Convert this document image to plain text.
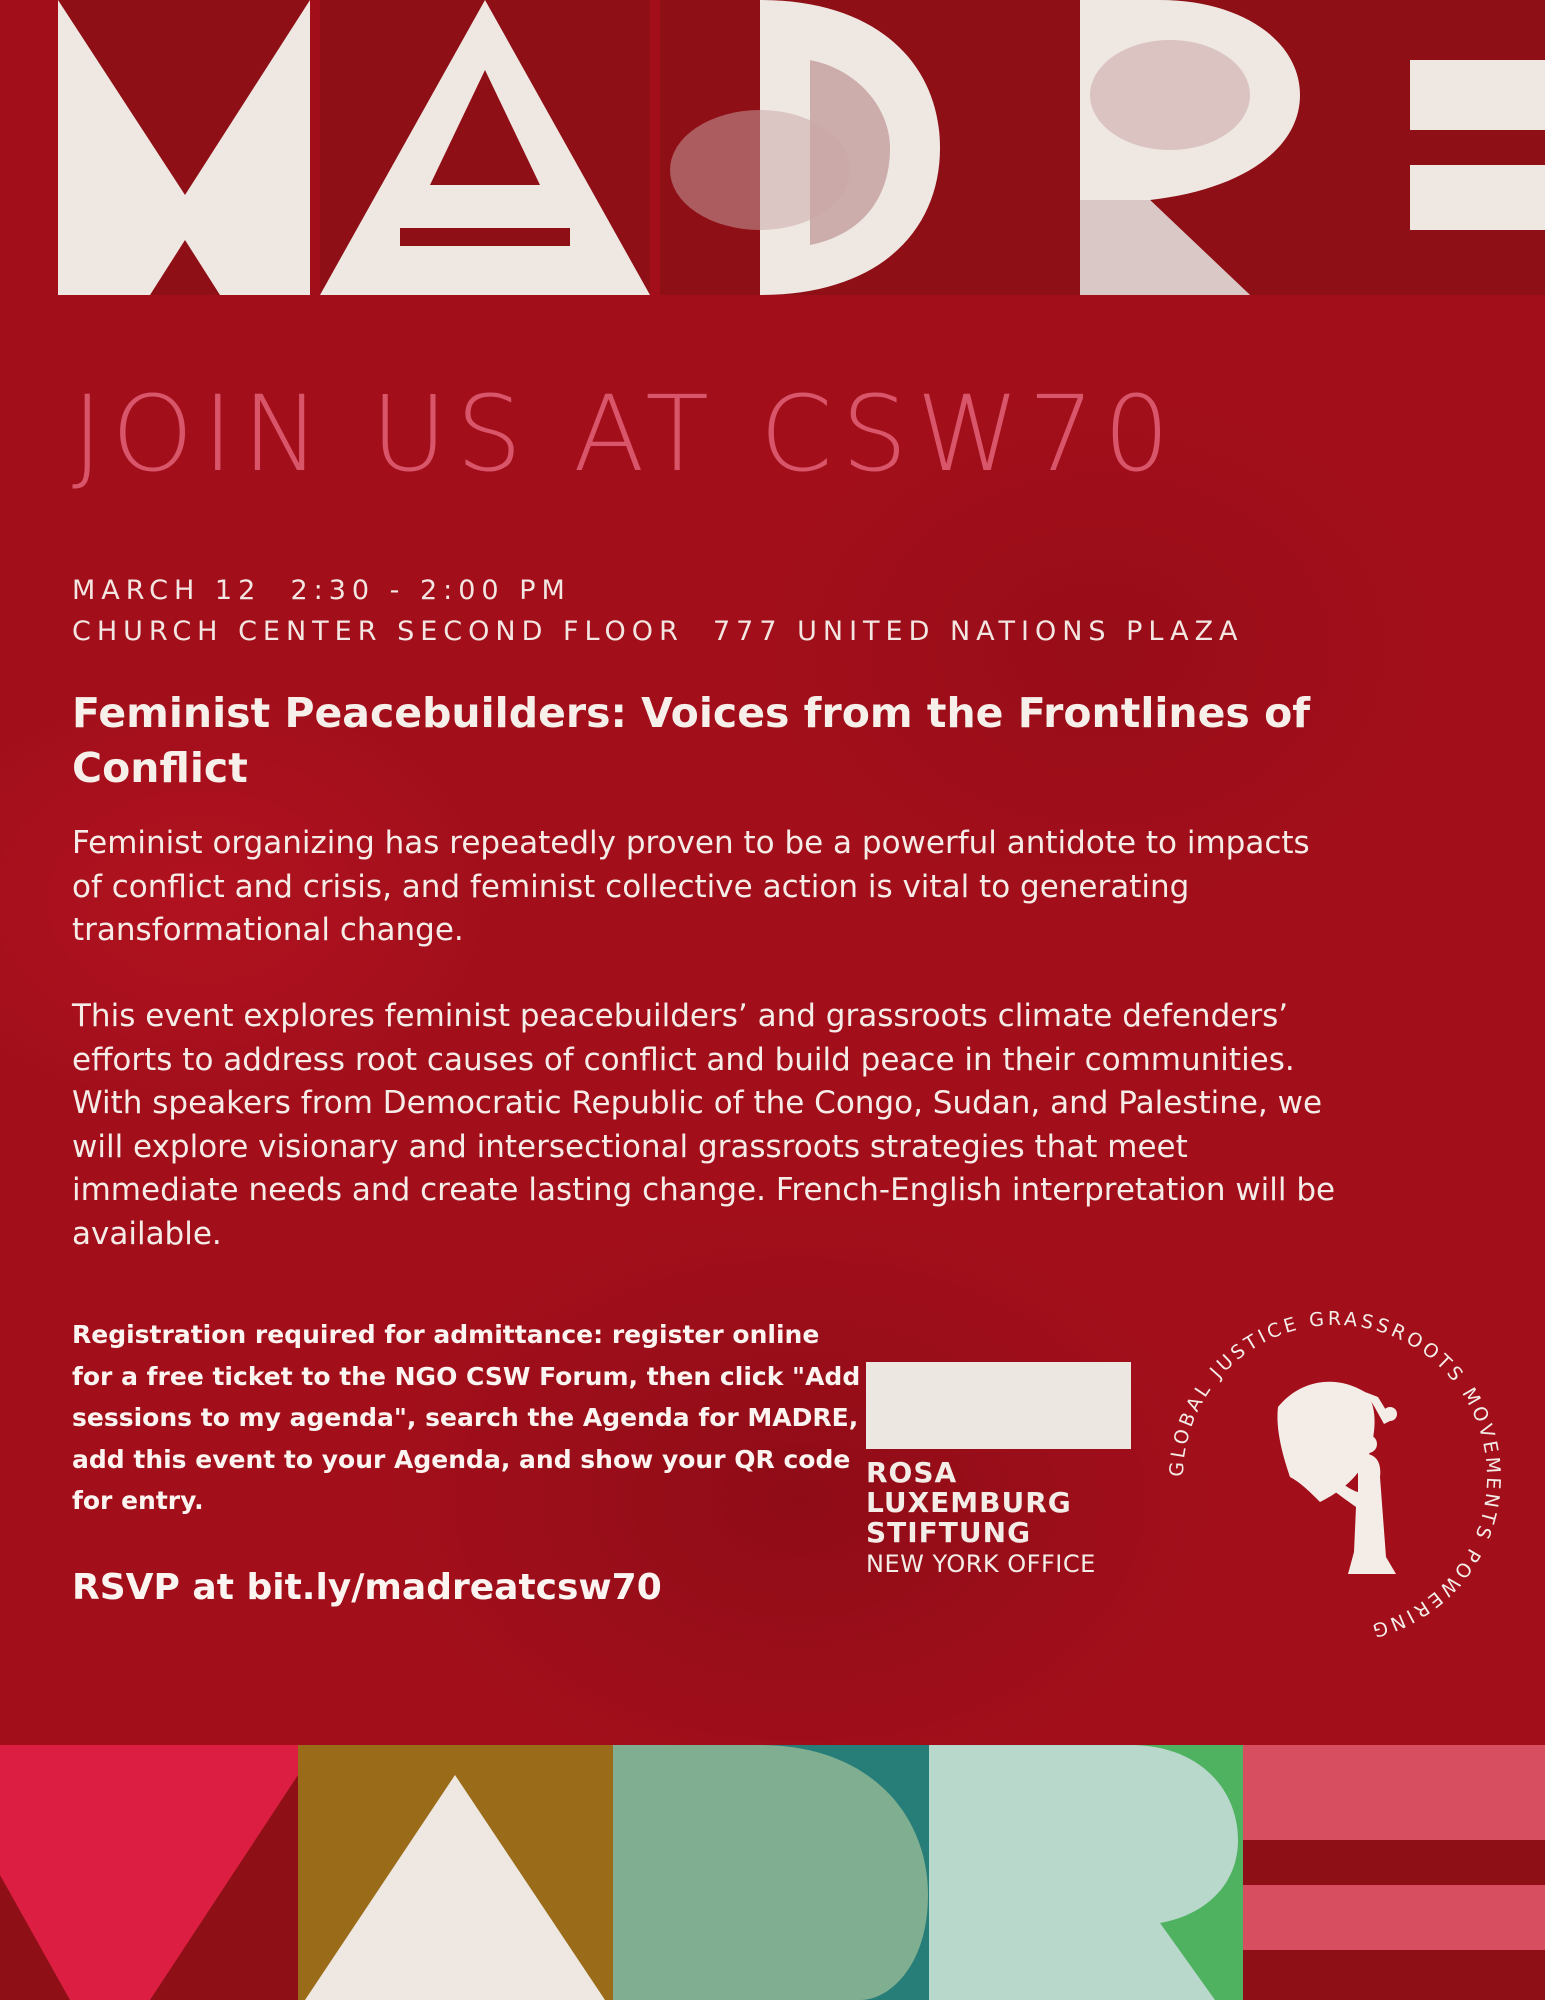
JOIN US AT CSW70
MARCH 12  2:30 - 2:00 PM
CHURCH CENTER SECOND FLOOR  777 UNITED NATIONS PLAZA
Feminist Peacebuilders: Voices from the Frontlines of Conflict

Feminist organizing has repeatedly proven to be a powerful antidote to impacts of conflict and crisis, and feminist collective action is vital to generating transformational change.

This event explores feminist peacebuilders’ and grassroots climate defenders’ efforts to address root causes of conflict and build peace in their communities. With speakers from Democratic Republic of the Congo, Sudan, and Palestine, we will explore visionary and intersectional grassroots strategies that meet immediate needs and create lasting change. French-English interpretation will be available.

Registration required for admittance: register online for a free ticket to the NGO CSW Forum, then click "Add sessions to my agenda", search the Agenda for MADRE, add this event to your Agenda, and show your QR code for entry.

RSVP at bit.ly/madreatcsw70

ROSA
LUXEMBURG
STIFTUNG
NEW YORK OFFICE
GLOBAL JUSTICE GRASSROOTS MOVEMENTS POWERING
